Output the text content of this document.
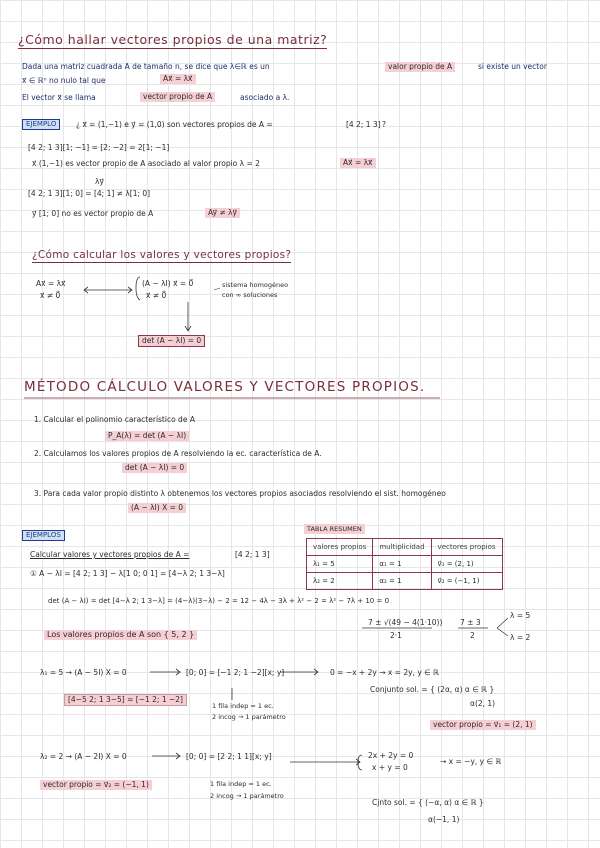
¿Cómo hallar vectores propios de una matriz?
Dada una matriz cuadrada A de tamaño n, se dice que λ∈ℝ es un	valor propio de A	si existe un vector
x⃗ ∈ ℝⁿ no nulo tal que	Ax⃗ = λx⃗
El vector x⃗ se llama	vector propio de A	asociado a λ.
EJEMPLO	¿ x⃗ = (1,−1) e y⃗ = (1,0) son vectores propios de A =	[4 2; 1 3] ?
[4 2; 1 3][1; −1] = [2; −2] = 2[1; −1]
x⃗ (1,−1) es vector propio de A asociado al valor propio λ = 2	Ax⃗ = λx⃗
λy⃗
[4 2; 1 3][1; 0] = [4; 1] ≠ λ[1; 0]
y⃗ [1; 0] no es vector propio de A	Ay⃗ ≠ λy⃗
¿Cómo calcular los valores y vectores propios?
Ax⃗ = λx⃗
x⃗ ≠ 0⃗
(A − λI) x⃗ = 0⃗
x⃗ ≠ 0⃗
sistema homogéneo
con ∞ soluciones
det (A − λI) = 0
MÉTODO CÁLCULO VALORES Y VECTORES PROPIOS.
1. Calcular el polinomio característico de A
P_A(λ) = det (A − λI)
2. Calculamos los valores propios de A resolviendo la ec. característica de A.
det (A − λI) = 0
3. Para cada valor propio distinto λ obtenemos los vectores propios asociados resolviendo el sist. homogéneo
(A − λI) X = 0
EJEMPLOS
Calcular valores y vectores propios de A =	[4 2; 1 3]
① A − λI = [4 2; 1 3] − λ[1 0; 0 1] = [4−λ 2; 1 3−λ]
TABLA RESUMEN
valores propios	multiplicidad	vectores propios
λ₁ = 5	α₁ = 1	v⃗₁ = (2, 1)
λ₂ = 2	α₂ = 1	v⃗₂ = (−1, 1)
det (A − λI) = det [4−λ 2; 1 3−λ] = (4−λ)(3−λ) − 2 = 12 − 4λ − 3λ + λ² − 2 = λ² − 7λ + 10 = 0
7 ± √(49 − 4(1·10))
2·1
7 ± 3
2
λ = 5
λ = 2
Los valores propios de A son { 5, 2 }
λ₁ = 5 → (A − 5I) X = 0	[0; 0] = [−1 2; 1 −2][x; y]	0 = −x + 2y → x = 2y, y ∈ ℝ
Conjunto sol. = { (2α, α) α ∈ ℝ }
α(2, 1)
[4−5 2; 1 3−5] = [−1 2; 1 −2]
1 fila indep = 1 ec.
2 incog → 1 parámetro
vector propio = v⃗₁ = (2, 1)
λ₂ = 2 → (A − 2I) X = 0	[0; 0] = [2 2; 1 1][x; y]	2x + 2y = 0
x + y = 0
→ x = −y, y ∈ ℝ
vector propio = v⃗₂ = (−1, 1)	1 fila indep = 1 ec.
2 incog → 1 parámetro
Cjnto sol. = { (−α, α) α ∈ ℝ }
α(−1, 1)
